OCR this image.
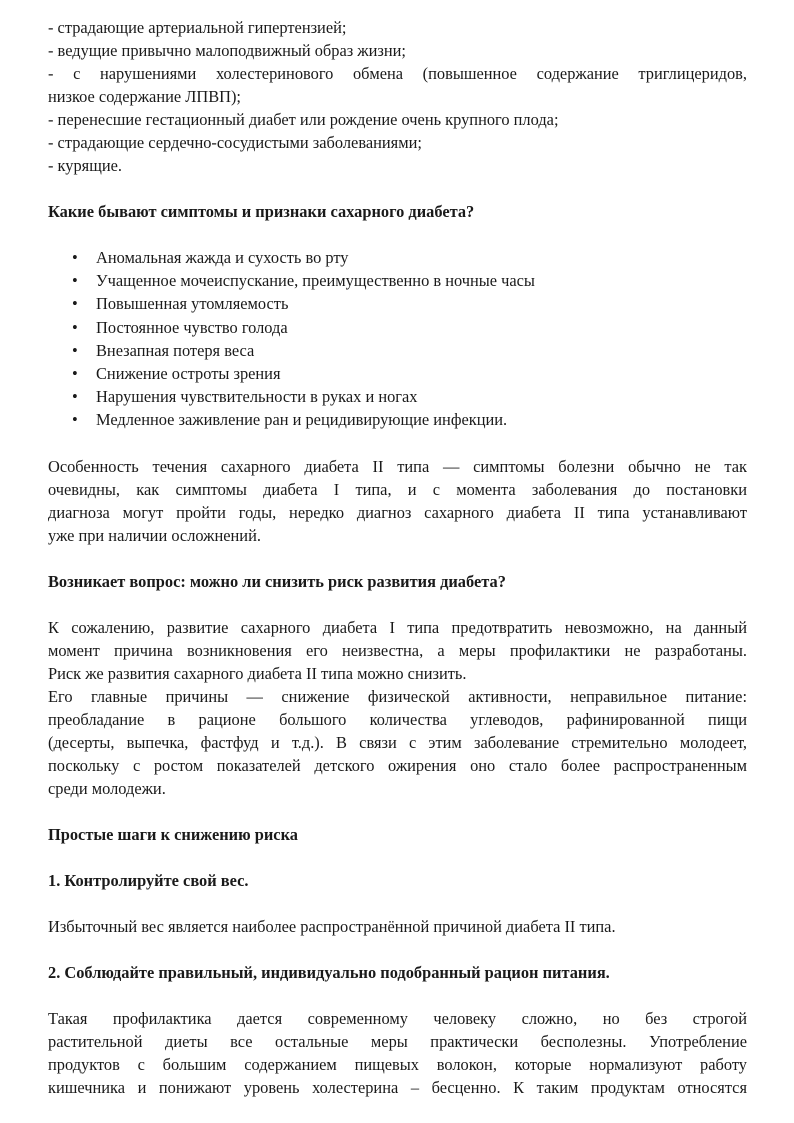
- страдающие артериальной гипертензией;
- ведущие привычно малоподвижный образ жизни;
- с нарушениями холестеринового обмена (повышенное содержание триглицеридов,
низкое содержание ЛПВП);
- перенесшие гестационный диабет или рождение очень крупного плода;
- страдающие сердечно-сосудистыми заболеваниями;
- курящие.
Какие бывают симптомы и признаки сахарного диабета?
• Аномальная жажда и сухость во рту
• Учащенное мочеиспускание, преимущественно в ночные часы
• Повышенная утомляемость
• Постоянное чувство голода
• Внезапная потеря веса
• Снижение остроты зрения
• Нарушения чувствительности в руках и ногах
• Медленное заживление ран и рецидивирующие инфекции.
Особенность течения сахарного диабета II типа — симптомы болезни обычно не так
очевидны, как симптомы диабета I типа, и с момента заболевания до постановки
диагноза могут пройти годы, нередко диагноз сахарного диабета II типа устанавливают
уже при наличии осложнений.
Возникает вопрос: можно ли снизить риск развития диабета?
К сожалению, развитие сахарного диабета I типа предотвратить невозможно, на данный
момент причина возникновения его неизвестна, а меры профилактики не разработаны.
Риск же развития сахарного диабета II типа можно снизить.
Его главные причины — снижение физической активности, неправильное питание:
преобладание в рационе большого количества углеводов, рафинированной пищи
(десерты, выпечка, фастфуд и т.д.). В связи с этим заболевание стремительно молодеет,
поскольку с ростом показателей детского ожирения оно стало более распространенным
среди молодежи.
Простые шаги к снижению риска
1. Контролируйте свой вес.
Избыточный вес является наиболее распространённой причиной диабета II типа.
2. Соблюдайте правильный, индивидуально подобранный рацион питания.
Такая профилактика дается современному человеку сложно, но без строгой
растительной диеты все остальные меры практически бесполезны. Употребление
продуктов с большим содержанием пищевых волокон, которые нормализуют работу
кишечника и понижают уровень холестерина – бесценно. К таким продуктам относятся
